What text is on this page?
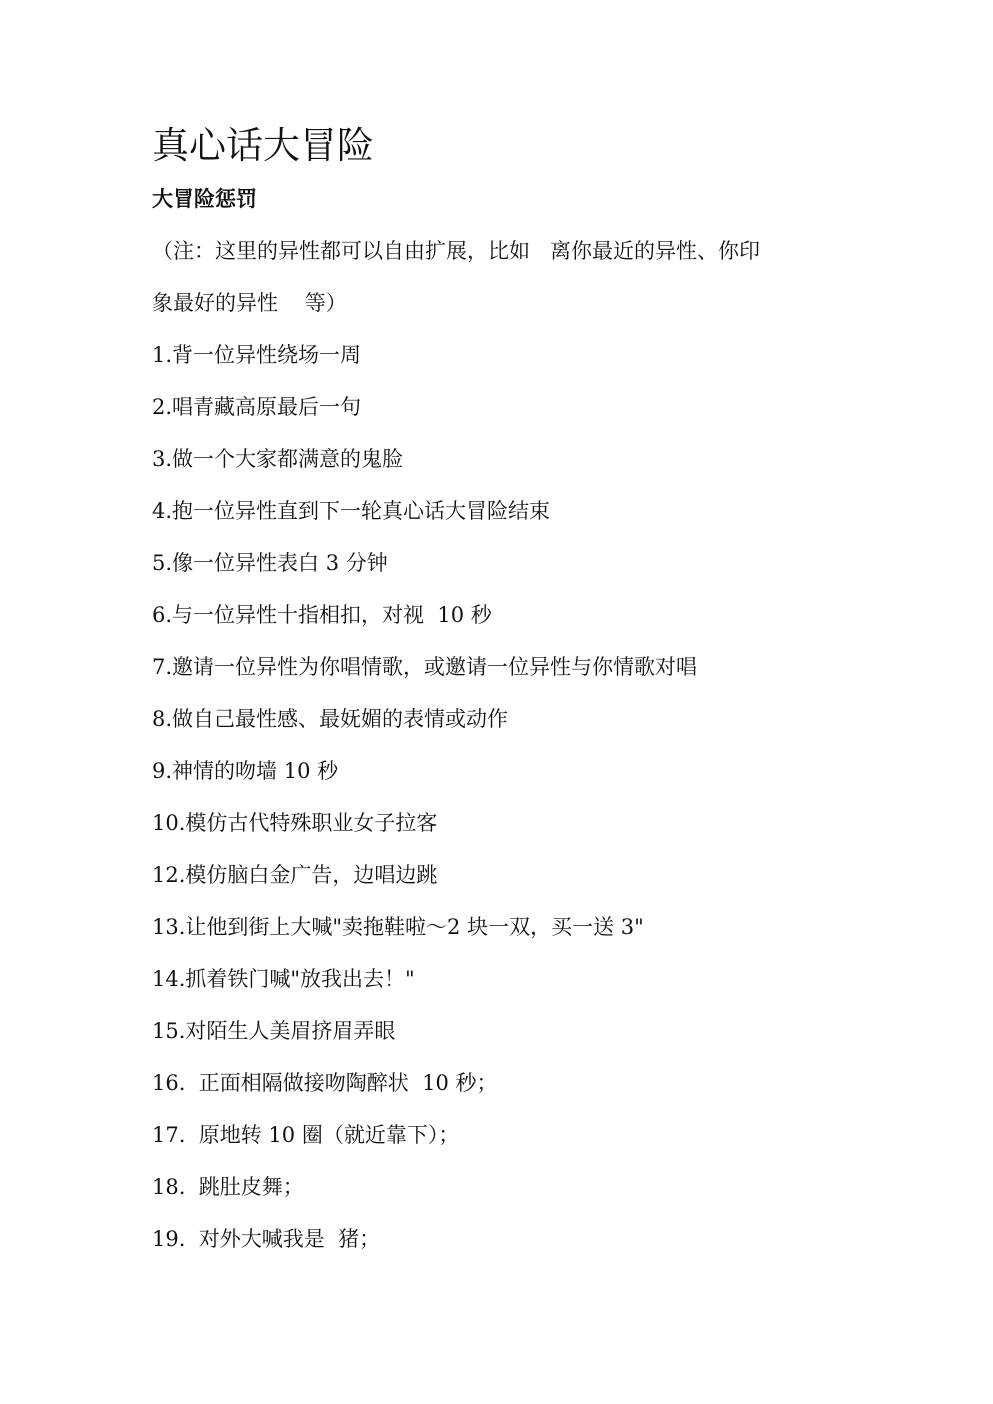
真心话大冒险
大冒险惩罚

（注：这里的异性都可以自由扩展，比如   离你最近的异性、你印

象最好的异性    等）

1.背一位异性绕场一周

2.唱青藏高原最后一句

3.做一个大家都满意的鬼脸

4.抱一位异性直到下一轮真心话大冒险结束

5.像一位异性表白 3 分钟

6.与一位异性十指相扣，对视  10 秒

7.邀请一位异性为你唱情歌，或邀请一位异性与你情歌对唱

8.做自己最性感、最妩媚的表情或动作

9.神情的吻墙 10 秒

10.模仿古代特殊职业女子拉客

12.模仿脑白金广告，边唱边跳

13.让他到街上大喊"卖拖鞋啦～2 块一双，买一送 3"

14.抓着铁门喊"放我出去！"

15.对陌生人美眉挤眉弄眼

16.  正面相隔做接吻陶醉状  10 秒；

17.  原地转 10 圈（就近靠下）；

18.  跳肚皮舞；

19.  对外大喊我是  猪；
